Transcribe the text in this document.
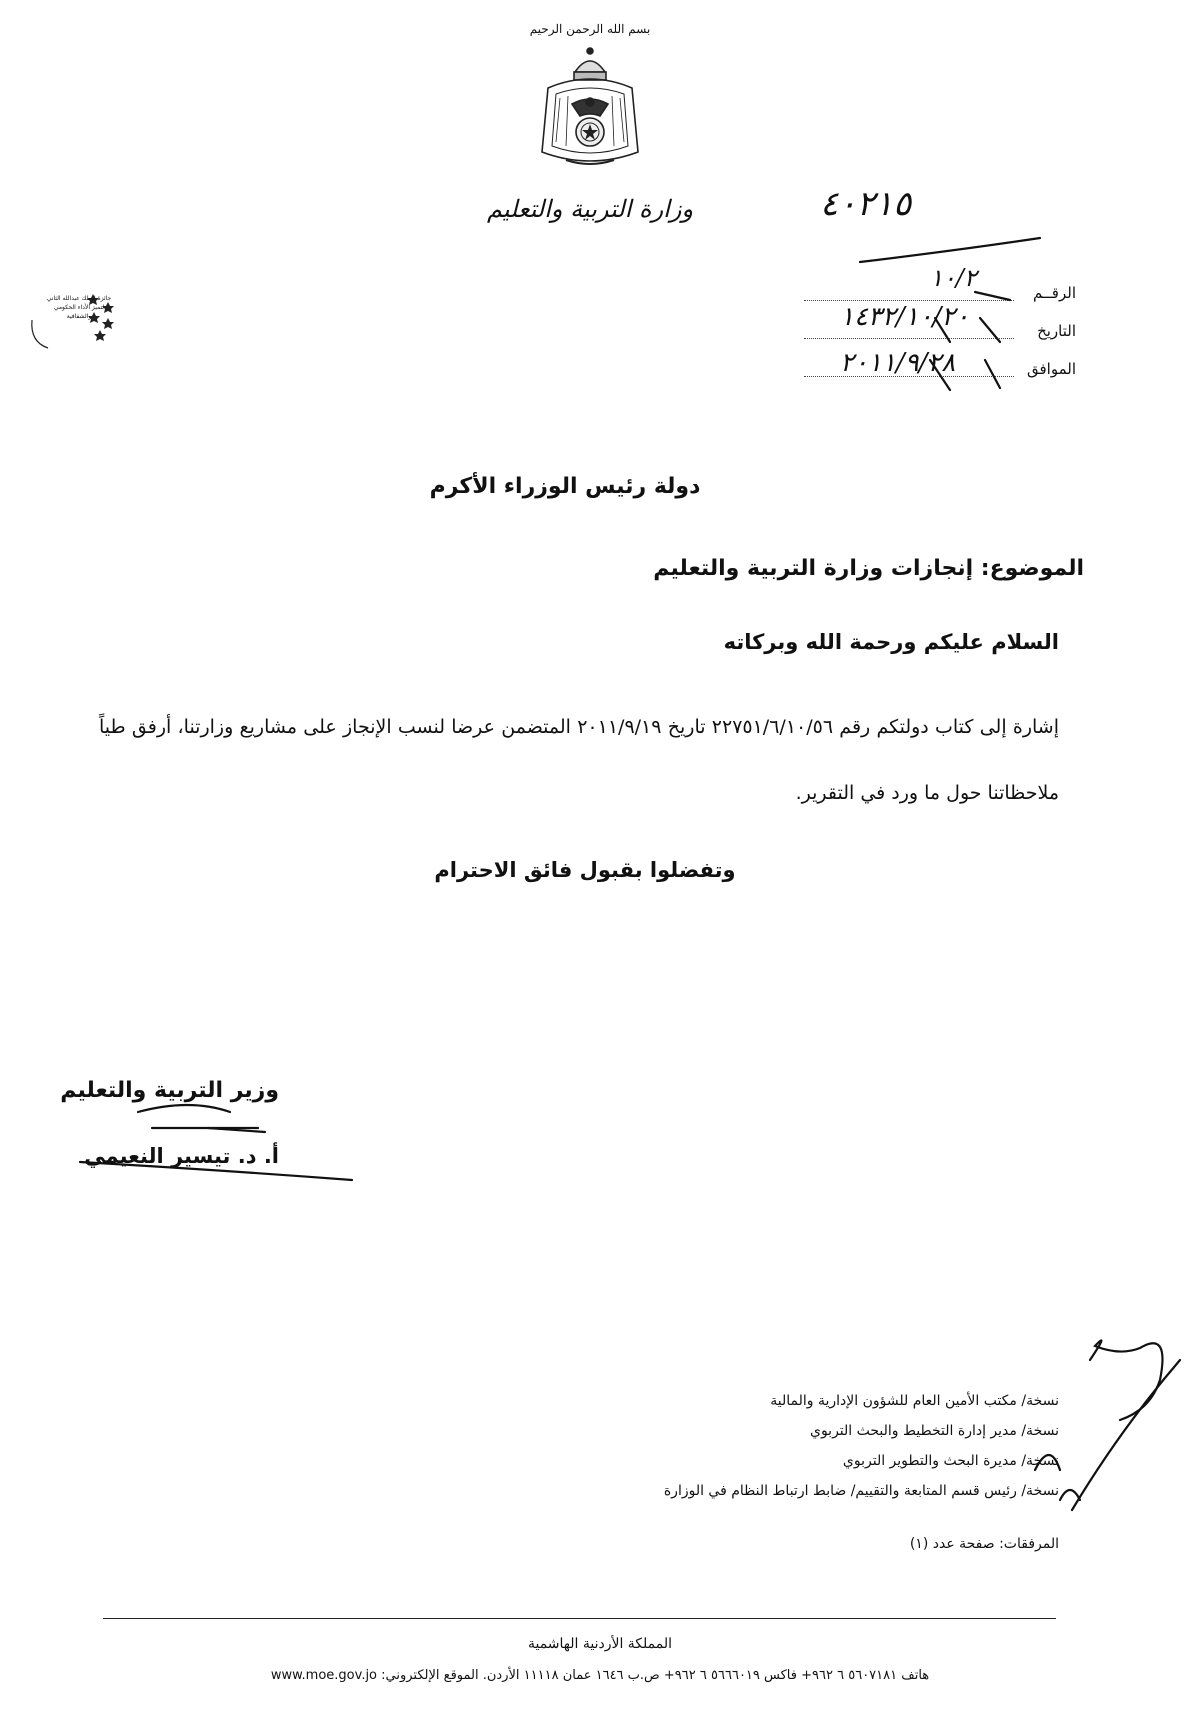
بسم الله الرحمن الرحيم
وزارة التربية والتعليم
جائزة الملك عبدالله الثاني لتميز الأداء الحكومي والشفافية
٤٠٢١٥
الرقــم
١٠/٢
التاريخ
١٤٣٢/١٠/٢٠
الموافق
٢٠١١/٩/٢٨
دولة رئيس الوزراء الأكرم
الموضوع: إنجازات وزارة التربية والتعليم
السلام عليكم ورحمة الله وبركاته
إشارة إلى كتاب دولتكم رقم ٢٢٧٥١/٦/١٠/٥٦ تاريخ ٢٠١١/٩/١٩ المتضمن عرضا لنسب الإنجاز على مشاريع وزارتنا، أرفق طياً ملاحظاتنا حول ما ورد في التقرير.
وتفضلوا بقبول فائق الاحترام
وزير التربية والتعليم
أ. د. تيسير النعيمي
نسخة/ مكتب الأمين العام للشؤون الإدارية والمالية
نسخة/ مدير إدارة التخطيط والبحث التربوي
نسخة/ مديرة البحث والتطوير التربوي
نسخة/ رئيس قسم المتابعة والتقييم/ ضابط ارتباط النظام في الوزارة
المرفقات: صفحة عدد (١)
المملكة الأردنية الهاشمية
هاتف ٥٦٠٧١٨١ ٦ ٩٦٢+ فاكس ٥٦٦٦٠١٩ ٦ ٩٦٢+ ص.ب ١٦٤٦ عمان ١١١١٨ الأردن. الموقع الإلكتروني: www.moe.gov.jo
